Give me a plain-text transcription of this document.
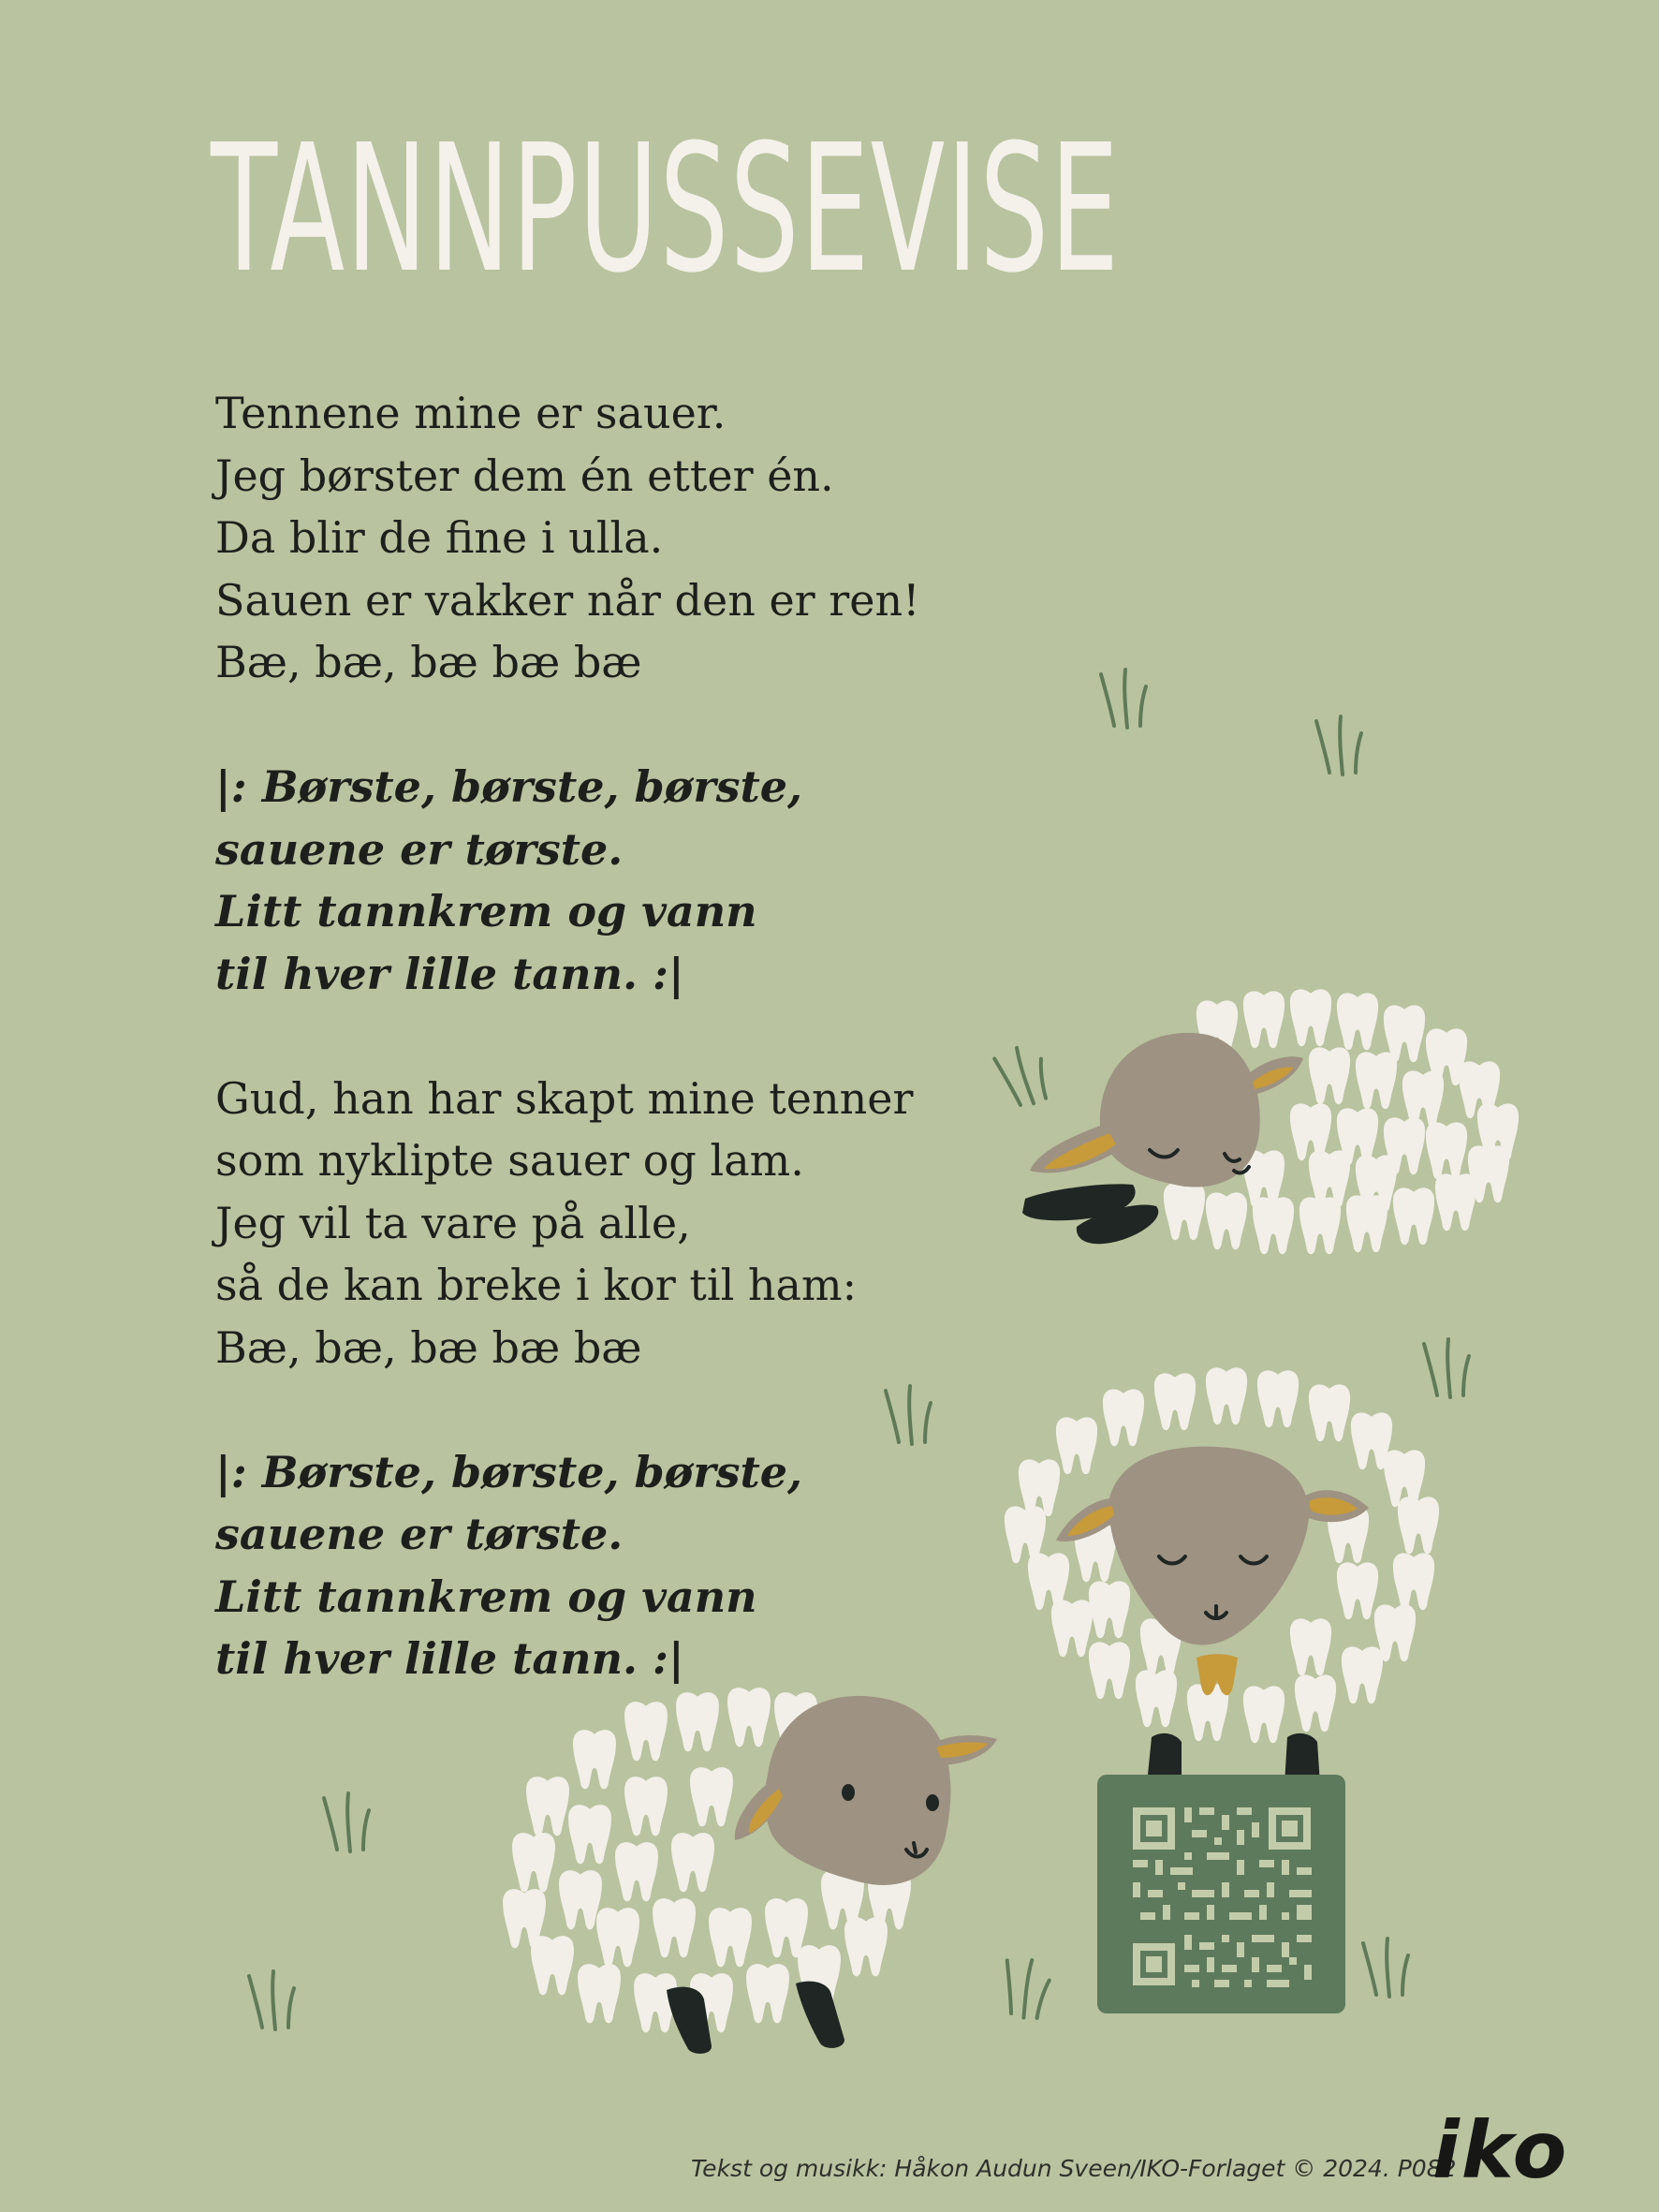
TANNPUSSEVISE
Tennene mine er sauer.
Jeg børster dem én etter én.
Da blir de fine i ulla.
Sauen er vakker når den er ren!
Bæ, bæ, bæ bæ bæ
|: Børste, børste, børste,
sauene er tørste.
Litt tannkrem og vann
til hver lille tann. :|
Gud, han har skapt mine tenner
som nyklipte sauer og lam.
Jeg vil ta vare på alle,
så de kan breke i kor til ham:
Bæ, bæ, bæ bæ bæ
|: Børste, børste, børste,
sauene er tørste.
Litt tannkrem og vann
til hver lille tann. :|
Tekst og musikk: Håkon Audun Sveen/IKO-Forlaget © 2024. P082
iko
